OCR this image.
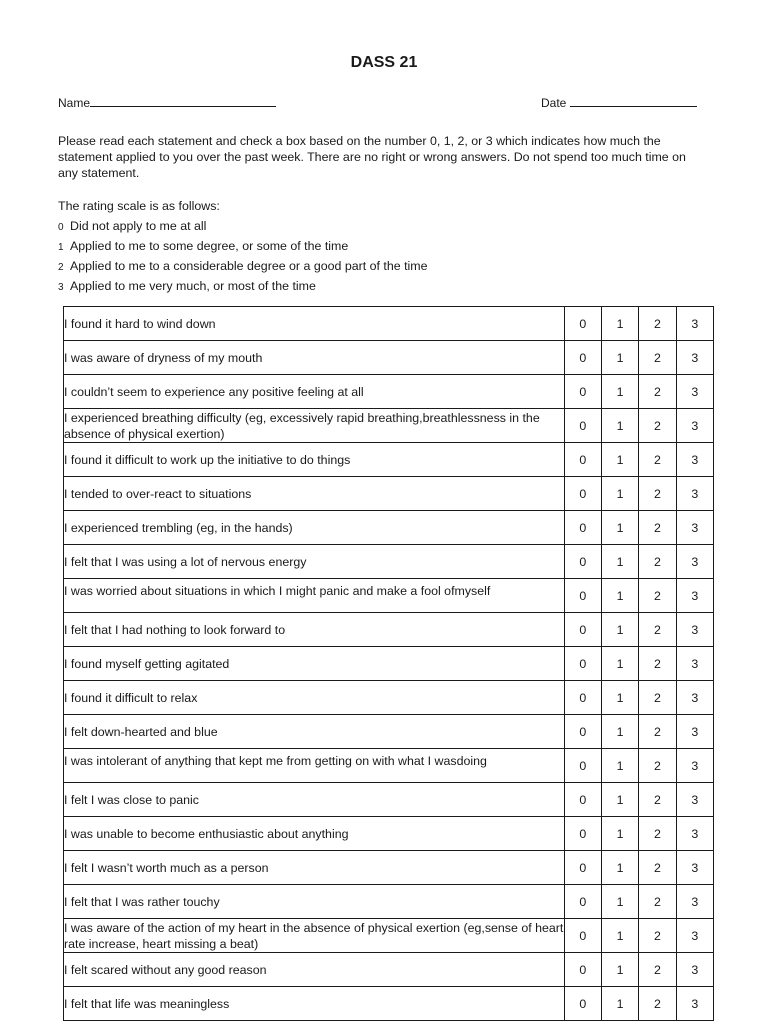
DASS 21
Name	Date
Please read each statement and check a box based on the number 0, 1, 2, or 3 which indicates how much the statement applied to you over the past week. There are no right or wrong answers. Do not spend too much time on any statement.
The rating scale is as follows:
0 Did not apply to me at all
1 Applied to me to some degree, or some of the time
2 Applied to me to a considerable degree or a good part of the time
3 Applied to me very much, or most of the time
I found it hard to wind down	0	1	2	3
I was aware of dryness of my mouth	0	1	2	3
I couldn’t seem to experience any positive feeling at all	0	1	2	3
I experienced breathing difficulty (eg, excessively rapid breathing,breathlessness in the absence of physical exertion)	0	1	2	3
I found it difficult to work up the initiative to do things	0	1	2	3
I tended to over-react to situations	0	1	2	3
I experienced trembling (eg, in the hands)	0	1	2	3
I felt that I was using a lot of nervous energy	0	1	2	3
I was worried about situations in which I might panic and make a fool ofmyself	0	1	2	3
I felt that I had nothing to look forward to	0	1	2	3
I found myself getting agitated	0	1	2	3
I found it difficult to relax	0	1	2	3
I felt down-hearted and blue	0	1	2	3
I was intolerant of anything that kept me from getting on with what I wasdoing	0	1	2	3
I felt I was close to panic	0	1	2	3
I was unable to become enthusiastic about anything	0	1	2	3
I felt I wasn’t worth much as a person	0	1	2	3
I felt that I was rather touchy	0	1	2	3
I was aware of the action of my heart in the absence of physical exertion (eg,sense of heart rate increase, heart missing a beat)	0	1	2	3
I felt scared without any good reason	0	1	2	3
I felt that life was meaningless	0	1	2	3
